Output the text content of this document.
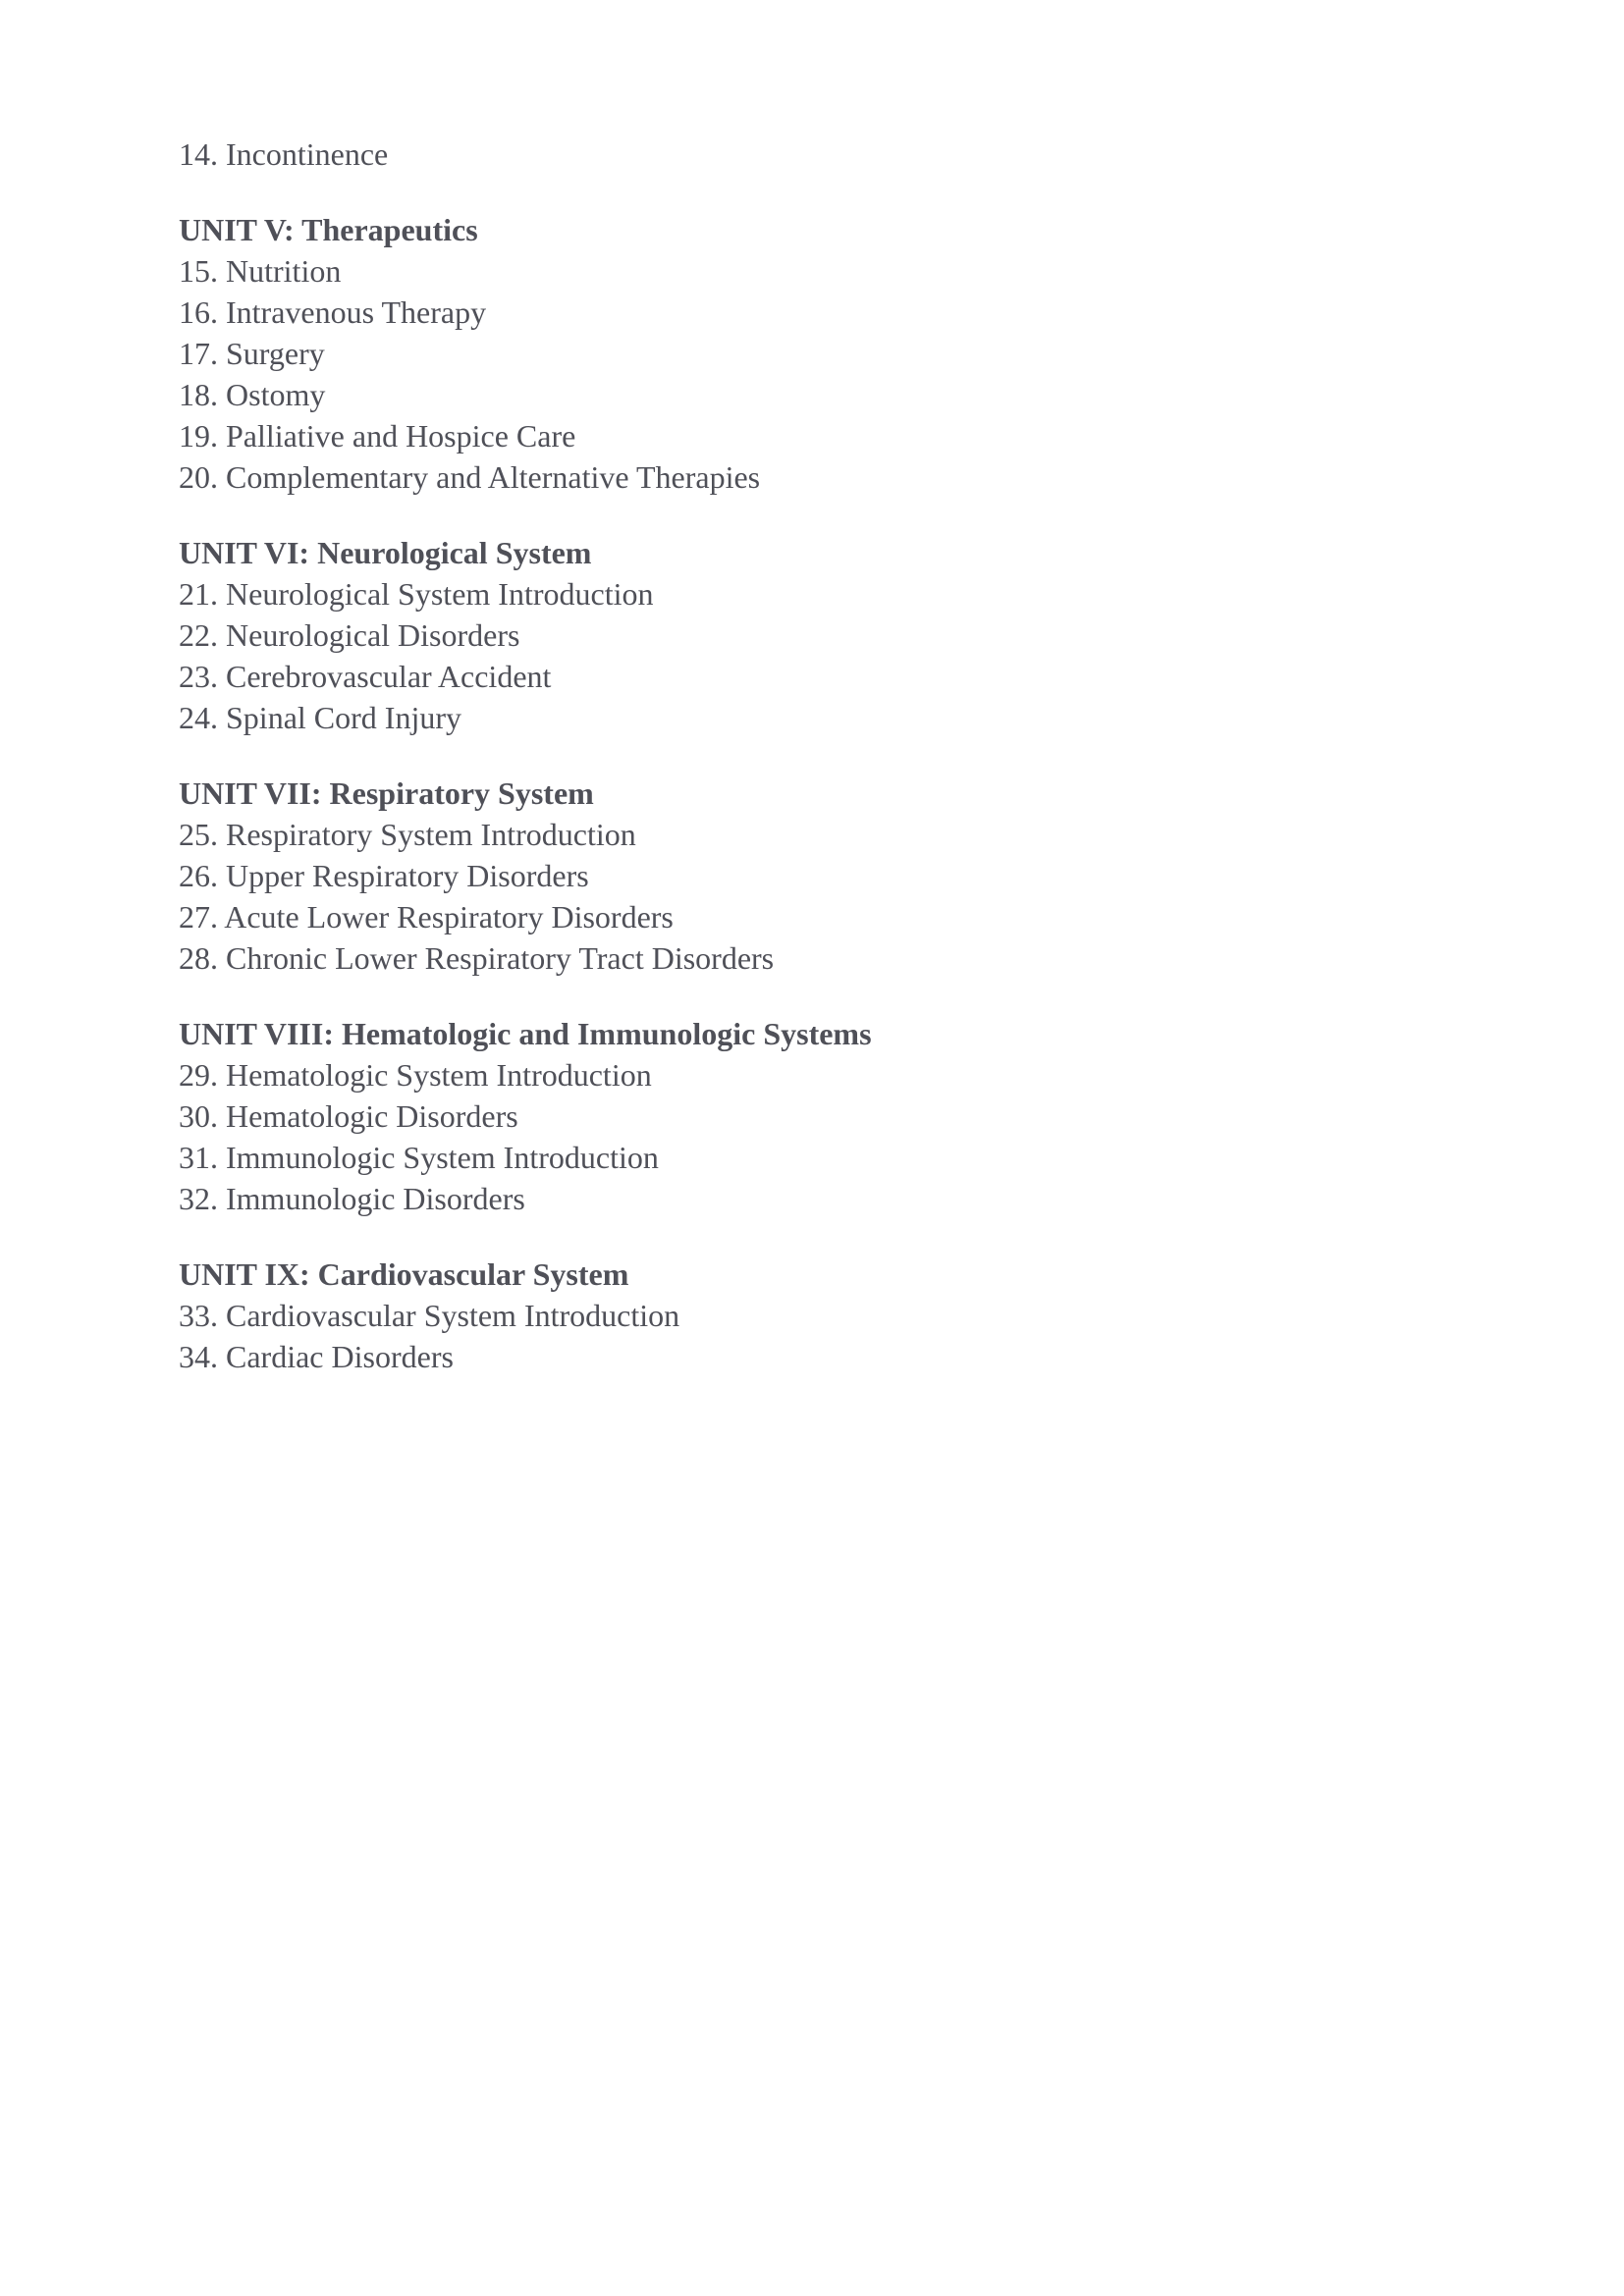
14. Incontinence

UNIT V: Therapeutics

15. Nutrition

16. Intravenous Therapy

17. Surgery

18. Ostomy

19. Palliative and Hospice Care

20. Complementary and Alternative Therapies

UNIT VI: Neurological System

21. Neurological System Introduction

22. Neurological Disorders

23. Cerebrovascular Accident

24. Spinal Cord Injury

UNIT VII: Respiratory System

25. Respiratory System Introduction

26. Upper Respiratory Disorders

27. Acute Lower Respiratory Disorders

28. Chronic Lower Respiratory Tract Disorders

UNIT VIII: Hematologic and Immunologic Systems

29. Hematologic System Introduction

30. Hematologic Disorders

31. Immunologic System Introduction

32. Immunologic Disorders

UNIT IX: Cardiovascular System

33. Cardiovascular System Introduction

34. Cardiac Disorders
